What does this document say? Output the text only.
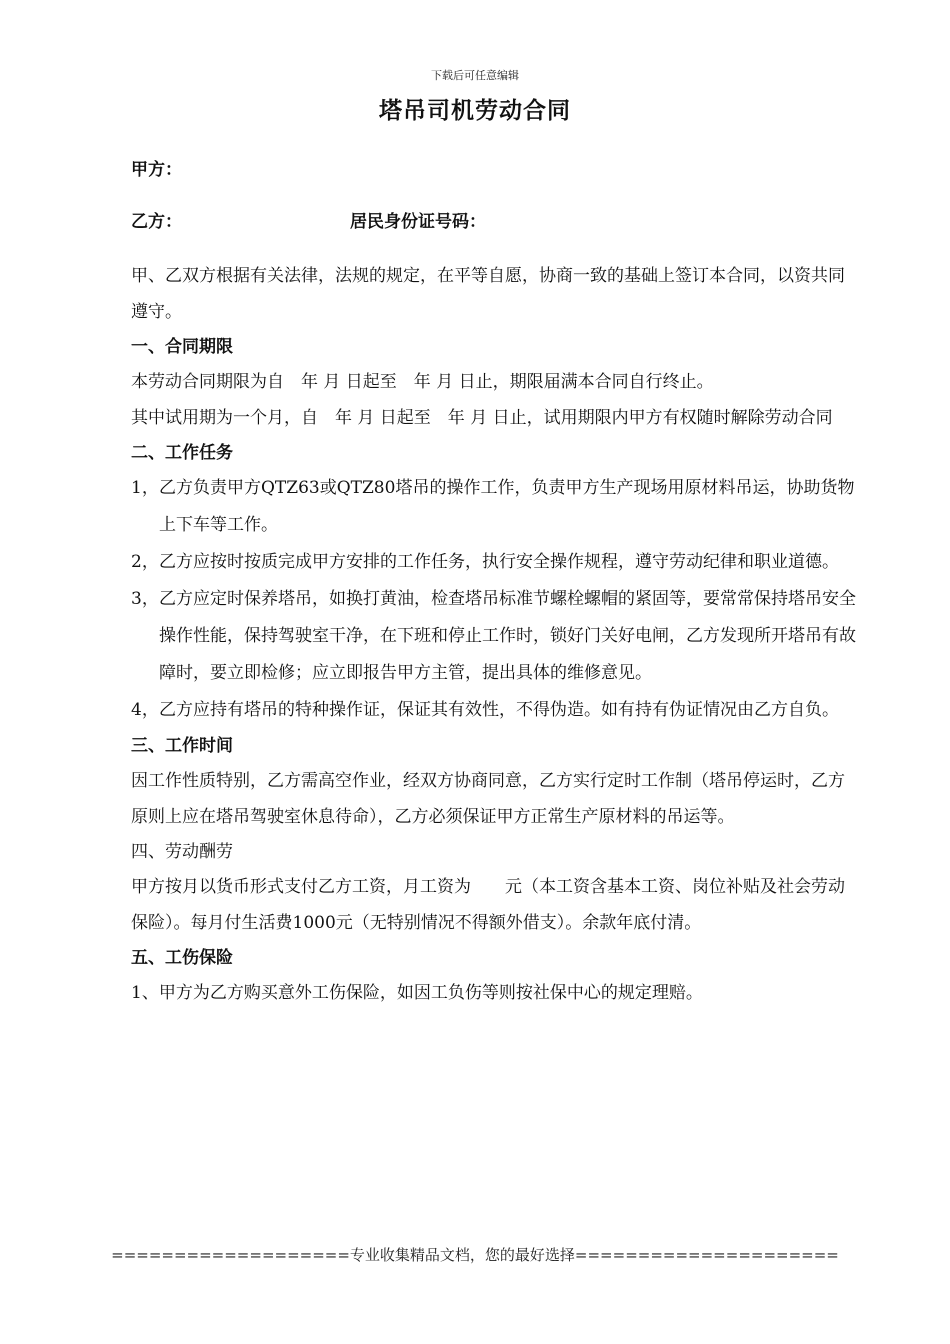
下载后可任意编辑
塔吊司机劳动合同
甲方：
乙方：	居民身份证号码：

甲、乙双方根据有关法律，法规的规定，在平等自愿，协商一致的基础上签订本合同，以资共同遵守。

一、合同期限

本劳动合同期限为自　年 月 日起至　年 月 日止，期限届满本合同自行终止。

其中试用期为一个月，自　年 月 日起至　年 月 日止，试用期限内甲方有权随时解除劳动合同

二、工作任务

1， 乙方负责甲方QTZ63或QTZ80塔吊的操作工作，负责甲方生产现场用原材料吊运，协助货物上下车等工作。
2， 乙方应按时按质完成甲方安排的工作任务，执行安全操作规程，遵守劳动纪律和职业道德。
3， 乙方应定时保养塔吊，如换打黄油，检查塔吊标准节螺栓螺帽的紧固等，要常常保持塔吊安全操作性能，保持驾驶室干净，在下班和停止工作时，锁好门关好电闸，乙方发现所开塔吊有故障时，要立即检修；应立即报告甲方主管，提出具体的维修意见。
4， 乙方应持有塔吊的特种操作证，保证其有效性，不得伪造。如有持有伪证情况由乙方自负。

三、工作时间

因工作性质特别，乙方需高空作业，经双方协商同意，乙方实行定时工作制（塔吊停运时，乙方原则上应在塔吊驾驶室休息待命），乙方必须保证甲方正常生产原材料的吊运等。

四、劳动酬劳

甲方按月以货币形式支付乙方工资，月工资为　　元（本工资含基本工资、岗位补贴及社会劳动保险）。每月付生活费1000元（无特别情况不得额外借支）。余款年底付清。

五、工伤保险

1、甲方为乙方购买意外工伤保险，如因工负伤等则按社保中心的规定理赔。

===================专业收集精品文档，您的最好选择=====================
